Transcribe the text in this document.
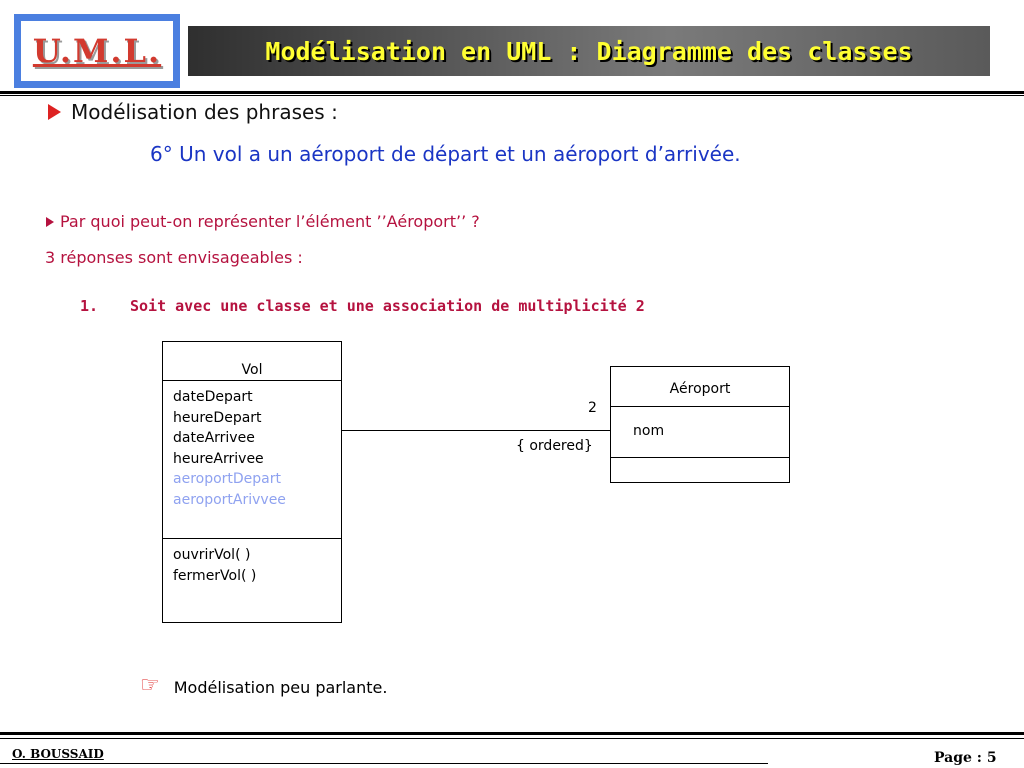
U.M.L.	Modélisation en UML : Diagramme des classes
Modélisation des phrases :
6° Un vol a un aéroport de départ et un aéroport d’arrivée.
Par quoi peut-on représenter l’élément ’’Aéroport’’ ?
3 réponses sont envisageables :
1. Soit avec une classe et une association de multiplicité 2
Vol
dateDepart
heureDepart
dateArrivee
heureArrivee
aeroportDepart
aeroportArivvee
ouvrirVol( )
fermerVol( )
2
{ ordered}
Aéroport
nom
☞ Modélisation peu parlante.
O. BOUSSAID	Page : 5
